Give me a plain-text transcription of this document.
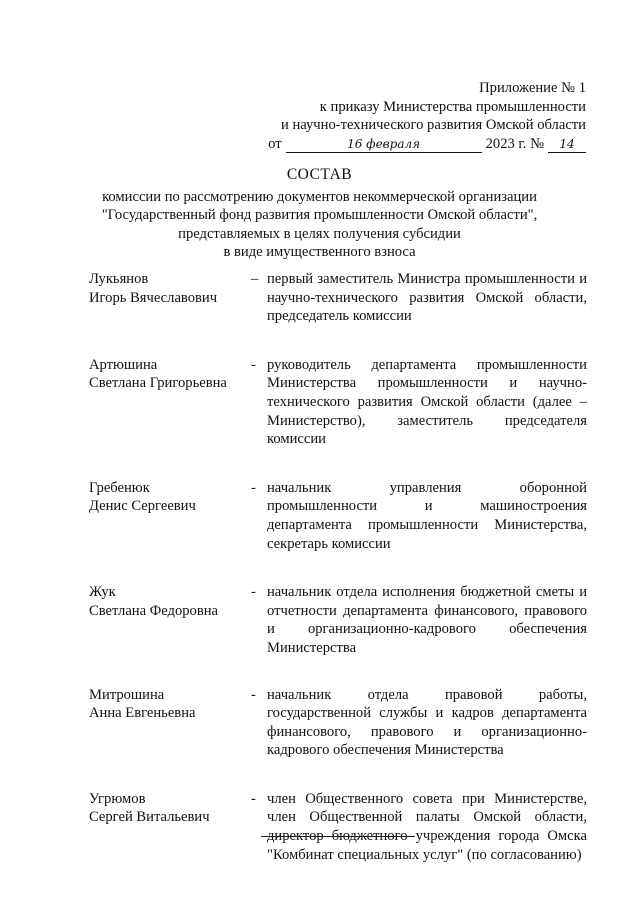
Приложение № 1
к приказу Министерства промышленности
и научно-технического развития Омской области
от	16 февраля	2023 г. №	14
СОСТАВ
комиссии по рассмотрению документов некоммерческой организации
"Государственный фонд развития промышленности Омской области",
представляемых в целях получения субсидии
в виде имущественного взноса
Лукьянов
Игорь Вячеславович
– первый заместитель Министра промышленности и научно-технического развития Омской области, председатель комиссии
Артюшина
Светлана Григорьевна
- руководитель департамента промышленности Министерства промышленности и научно-технического развития Омской области (далее – Министерство), заместитель председателя комиссии
Гребенюк
Денис Сергеевич
- начальник управления оборонной промышленности и машиностроения департамента промышленности Министерства, секретарь комиссии
Жук
Светлана Федоровна
- начальник отдела исполнения бюджетной сметы и отчетности департамента финансового, правового и организационно-кадрового обеспечения Министерства
Митрошина
Анна Евгеньевна
- начальник отдела правовой работы, государственной службы и кадров департамента финансового, правового и организационно-кадрового обеспечения Министерства
Угрюмов
Сергей Витальевич
- член Общественного совета при Министерстве, член Общественной палаты Омской области, директор бюджетного учреждения города Омска "Комбинат специальных услуг" (по согласованию)
